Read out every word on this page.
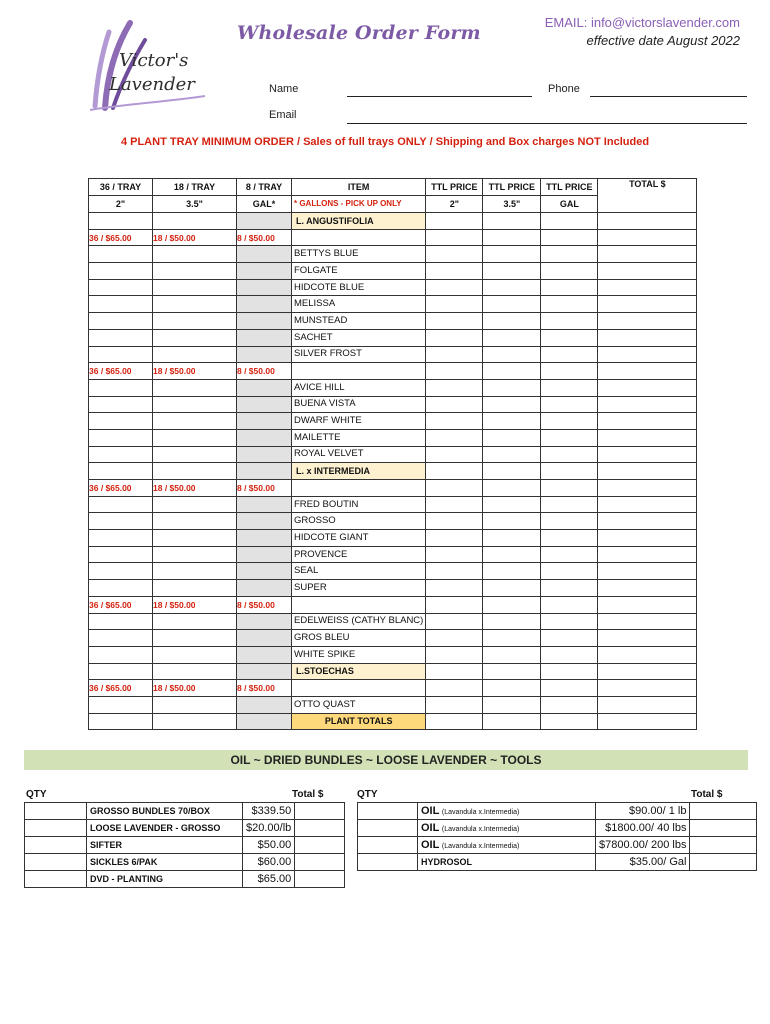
Victor's
Lavender
Wholesale Order Form	EMAIL: info@victorslavender.com
effective date August 2022
Name	Phone
Email
4 PLANT TRAY MINIMUM ORDER / Sales of full trays ONLY / Shipping and Box charges NOT Included
36 / TRAY	18 / TRAY	8 / TRAY	ITEM	TTL PRICE	TTL PRICE	TTL PRICE	TOTAL $
2"	3.5"	GAL*	* GALLONS - PICK UP ONLY	2"	3.5"	GAL	
			L. ANGUSTIFOLIA				
36 / $65.00	18 / $50.00	8 / $50.00					
			BETTYS BLUE				
			FOLGATE				
			HIDCOTE BLUE				
			MELISSA				
			MUNSTEAD				
			SACHET				
			SILVER FROST				
36 / $65.00	18 / $50.00	8 / $50.00					
			AVICE HILL				
			BUENA VISTA				
			DWARF WHITE				
			MAILETTE				
			ROYAL VELVET				
			L. x INTERMEDIA				
36 / $65.00	18 / $50.00	8 / $50.00					
			FRED BOUTIN				
			GROSSO				
			HIDCOTE GIANT				
			PROVENCE				
			SEAL				
			SUPER				
36 / $65.00	18 / $50.00	8 / $50.00					
			EDELWEISS (CATHY BLANC)				
			GROS BLEU				
			WHITE SPIKE				
			L.STOECHAS				
36 / $65.00	18 / $50.00	8 / $50.00					
			OTTO QUAST				
			PLANT TOTALS				
OIL ~ DRIED BUNDLES ~ LOOSE LAVENDER ~ TOOLS
QTY	Total $	QTY	Total $
	GROSSO BUNDLES 70/BOX	$339.50	
	LOOSE LAVENDER - GROSSO	$20.00/lb	
	SIFTER	$50.00	
	SICKLES 6/PAK	$60.00	
	DVD - PLANTING	$65.00	
	OIL (Lavandula x.Intermedia)	$90.00/ 1 lb	
	OIL (Lavandula x.Intermedia)	$1800.00/ 40 lbs	
	OIL (Lavandula x.Intermedia)	$7800.00/ 200 lbs	
	HYDROSOL	$35.00/ Gal	
